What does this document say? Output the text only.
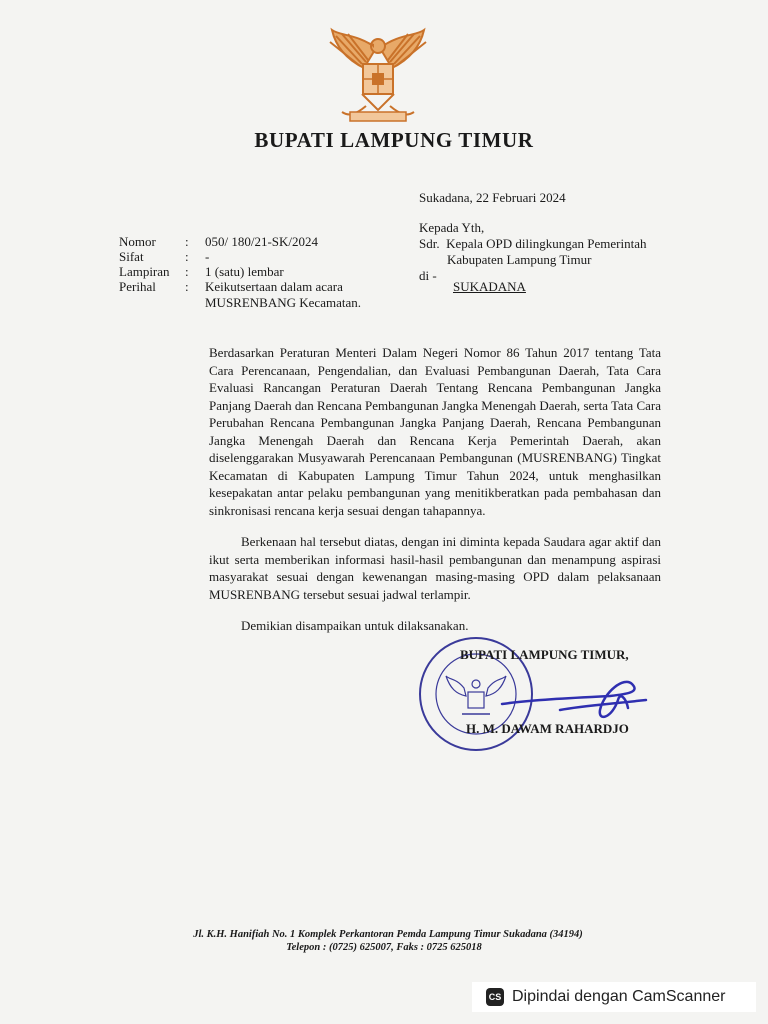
BUPATI LAMPUNG TIMUR
Sukadana, 22 Februari 2024
Kepada Yth,
Sdr.  Kepala OPD dilingkungan Pemerintah
Kabupaten Lampung Timur
di -
SUKADANA
Nomor	: 050/ 180/21-SK/2024
Sifat	: -
Lampiran	: 1 (satu) lembar
Perihal	: Keikutsertaan dalam acara
MUSRENBANG Kecamatan.

Berdasarkan Peraturan Menteri Dalam Negeri Nomor 86 Tahun 2017 tentang Tata Cara Perencanaan, Pengendalian, dan Evaluasi Pembangunan Daerah, Tata Cara Evaluasi Rancangan Peraturan Daerah Tentang Rencana Pembangunan Jangka Panjang Daerah dan Rencana Pembangunan Jangka Menengah Daerah, serta Tata Cara Perubahan Rencana Pembangunan Jangka Panjang Daerah, Rencana Pembangunan Jangka Menengah Daerah dan Rencana Kerja Pemerintah Daerah, akan diselenggarakan Musyawarah Perencanaan Pembangunan (MUSRENBANG) Tingkat Kecamatan di Kabupaten Lampung Timur Tahun 2024, untuk menghasilkan kesepakatan antar pelaku pembangunan yang menitikberatkan pada pembahasan dan sinkronisasi rencana kerja sesuai dengan tahapannya.

Berkenaan hal tersebut diatas, dengan ini diminta kepada Saudara agar aktif dan ikut serta memberikan informasi hasil-hasil pembangunan dan menampung aspirasi masyarakat sesuai dengan kewenangan masing-masing OPD dalam pelaksanaan MUSRENBANG tersebut sesuai jadwal terlampir.

Demikian disampaikan untuk dilaksanakan.

BUPATI LAMPUNG TIMUR,
H. M. DAWAM RAHARDJO
Jl. K.H. Hanifiah No. 1 Komplek Perkantoran Pemda Lampung Timur Sukadana (34194)
Telepon : (0725) 625007, Faks : 0725 625018
CS Dipindai dengan CamScanner
